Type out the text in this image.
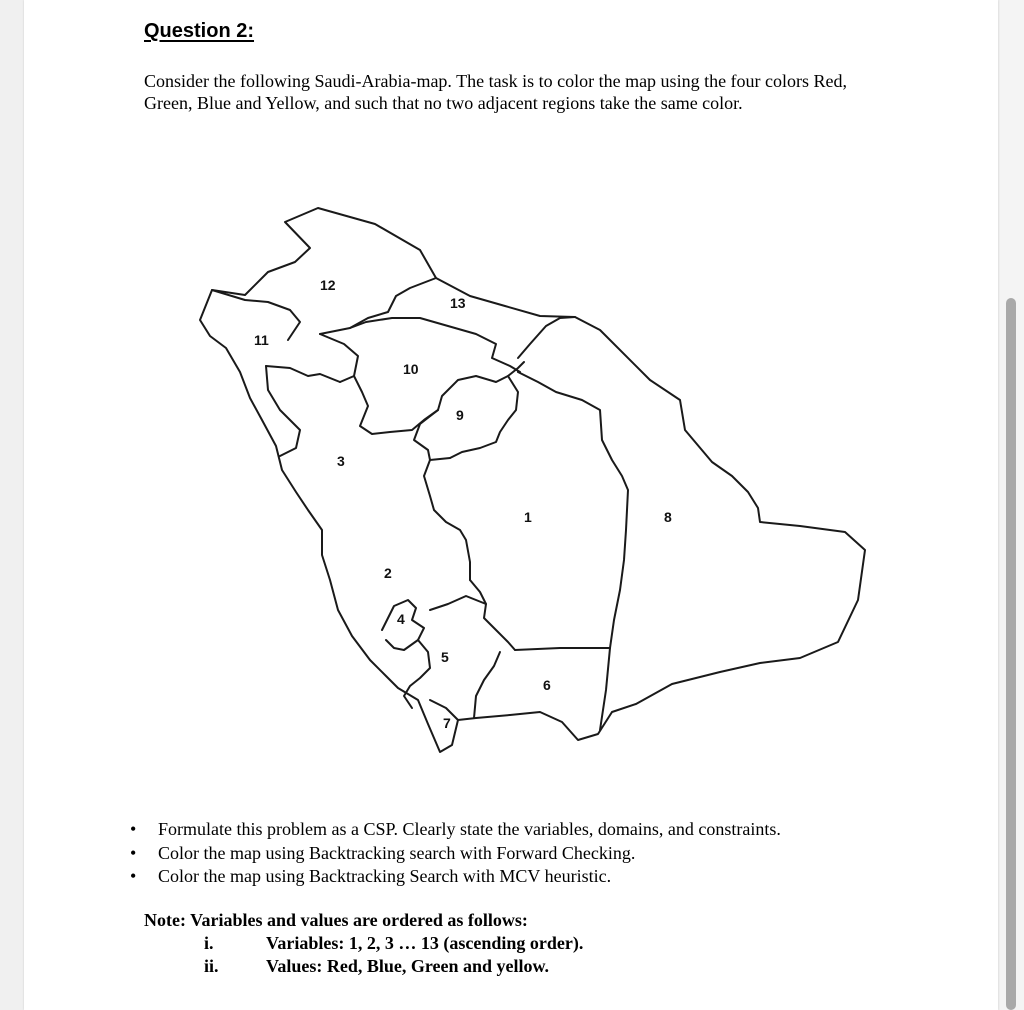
Question 2:
Consider the following Saudi-Arabia-map. The task is to color the map using the four colors Red, Green, Blue and Yellow, and such that no two adjacent regions take the same color.
1
2
3
4
5
6
7
8
9
10
11
12
13
• Formulate this problem as a CSP. Clearly state the variables, domains, and constraints.
• Color the map using Backtracking search with Forward Checking.
• Color the map using Backtracking Search with MCV heuristic.
Note: Variables and values are ordered as follows:
i.	Variables: 1, 2, 3 … 13 (ascending order).
ii.	Values: Red, Blue, Green and yellow.
